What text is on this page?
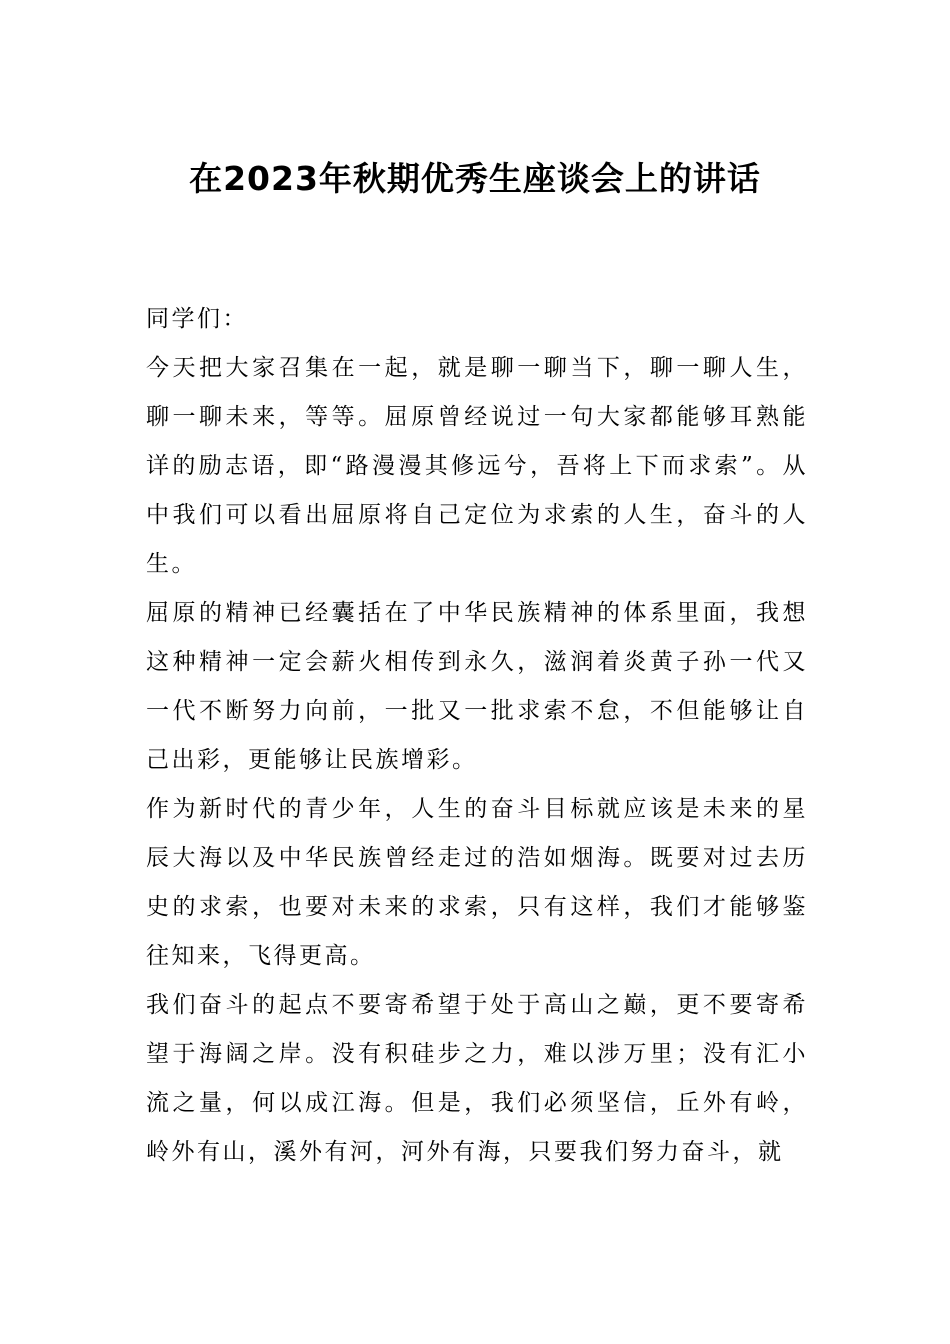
在2023年秋期优秀生座谈会上的讲话

同学们：

今天把大家召集在一起，就是聊一聊当下，聊一聊人生，聊一聊未来，等等。屈原曾经说过一句大家都能够耳熟能详的励志语，即“路漫漫其修远兮，吾将上下而求索”。从中我们可以看出屈原将自己定位为求索的人生，奋斗的人生。

屈原的精神已经囊括在了中华民族精神的体系里面，我想这种精神一定会薪火相传到永久，滋润着炎黄子孙一代又一代不断努力向前，一批又一批求索不怠，不但能够让自己出彩，更能够让民族增彩。

作为新时代的青少年，人生的奋斗目标就应该是未来的星辰大海以及中华民族曾经走过的浩如烟海。既要对过去历史的求索，也要对未来的求索，只有这样，我们才能够鉴往知来，飞得更高。

我们奋斗的起点不要寄希望于处于高山之巅，更不要寄希望于海阔之岸。没有积硅步之力，难以涉万里；没有汇小流之量，何以成江海。但是，我们必须坚信，丘外有岭，岭外有山，溪外有河，河外有海，只要我们努力奋斗，就
